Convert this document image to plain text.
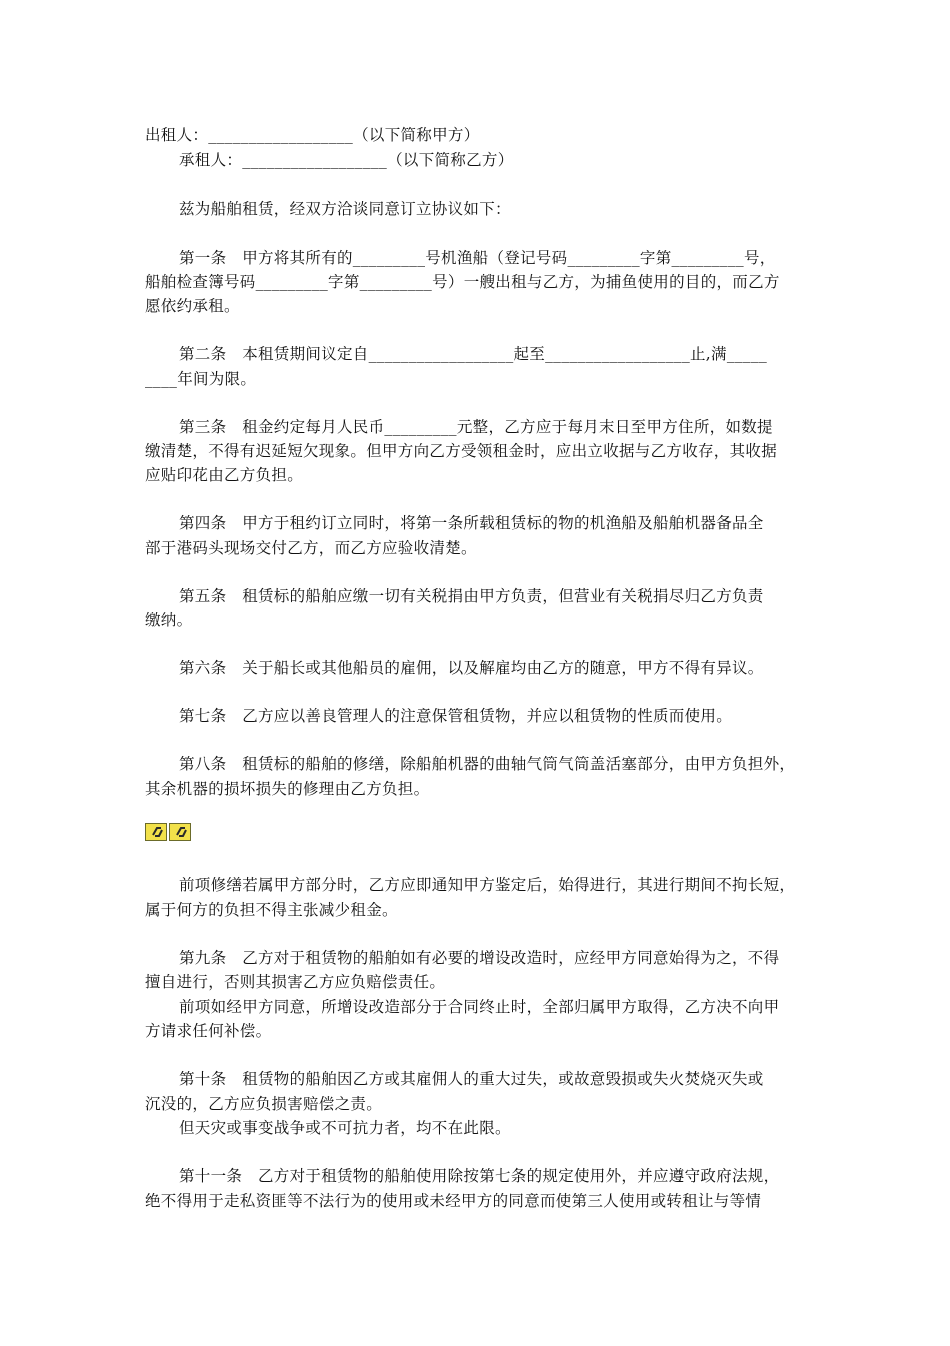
出租人：__________________（以下简称甲方）
承租人：__________________（以下简称乙方）
兹为船舶租赁，经双方洽谈同意订立协议如下：
第一条　甲方将其所有的_________号机渔船（登记号码_________字第_________号，
船舶检查簿号码_________字第_________号）一艘出租与乙方，为捕鱼使用的目的，而乙方
愿依约承租。
第二条　本租赁期间议定自__________________起至__________________止,满_____
____年间为限。
第三条　租金约定每月人民币_________元整，乙方应于每月末日至甲方住所，如数提
缴清楚，不得有迟延短欠现象。但甲方向乙方受领租金时，应出立收据与乙方收存，其收据
应贴印花由乙方负担。
第四条　甲方于租约订立同时，将第一条所载租赁标的物的机渔船及船舶机器备品全
部于港码头现场交付乙方，而乙方应验收清楚。
第五条　租赁标的船舶应缴一切有关税捐由甲方负责，但营业有关税捐尽归乙方负责
缴纳。
第六条　关于船长或其他船员的雇佣，以及解雇均由乙方的随意，甲方不得有异议。
第七条　乙方应以善良管理人的注意保管租赁物，并应以租赁物的性质而使用。
第八条　租赁标的船舶的修缮，除船舶机器的曲轴气筒气筒盖活塞部分，由甲方负担外，
其余机器的损坏损失的修理由乙方负担。
前项修缮若属甲方部分时，乙方应即通知甲方鉴定后，始得进行，其进行期间不拘长短，
属于何方的负担不得主张减少租金。
第九条　乙方对于租赁物的船舶如有必要的增设改造时，应经甲方同意始得为之，不得
擅自进行，否则其损害乙方应负赔偿责任。
前项如经甲方同意，所增设改造部分于合同终止时，全部归属甲方取得，乙方决不向甲
方请求任何补偿。
第十条　租赁物的船舶因乙方或其雇佣人的重大过失，或故意毁损或失火焚烧灭失或
沉没的，乙方应负损害赔偿之责。
但天灾或事变战争或不可抗力者，均不在此限。
第十一条　乙方对于租赁物的船舶使用除按第七条的规定使用外，并应遵守政府法规，
绝不得用于走私资匪等不法行为的使用或未经甲方的同意而使第三人使用或转租让与等情
